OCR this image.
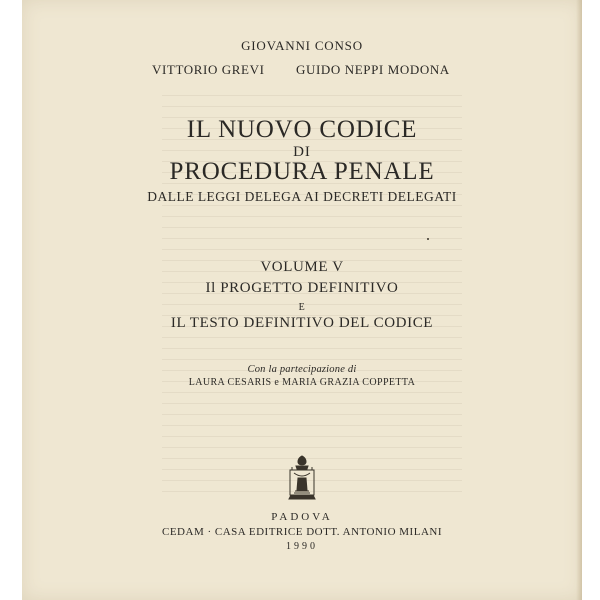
GIOVANNI CONSO
VITTORIO GREVI GUIDO NEPPI MODONA
IL NUOVO CODICE
DI
PROCEDURA PENALE
DALLE LEGGI DELEGA AI DECRETI DELEGATI
VOLUME V
Il PROGETTO DEFINITIVO
E
IL TESTO DEFINITIVO DEL CODICE
Con la partecipazione di
LAURA CESARIS e MARIA GRAZIA COPPETTA
PADOVA
CEDAM · CASA EDITRICE DOTT. ANTONIO MILANI
1990
